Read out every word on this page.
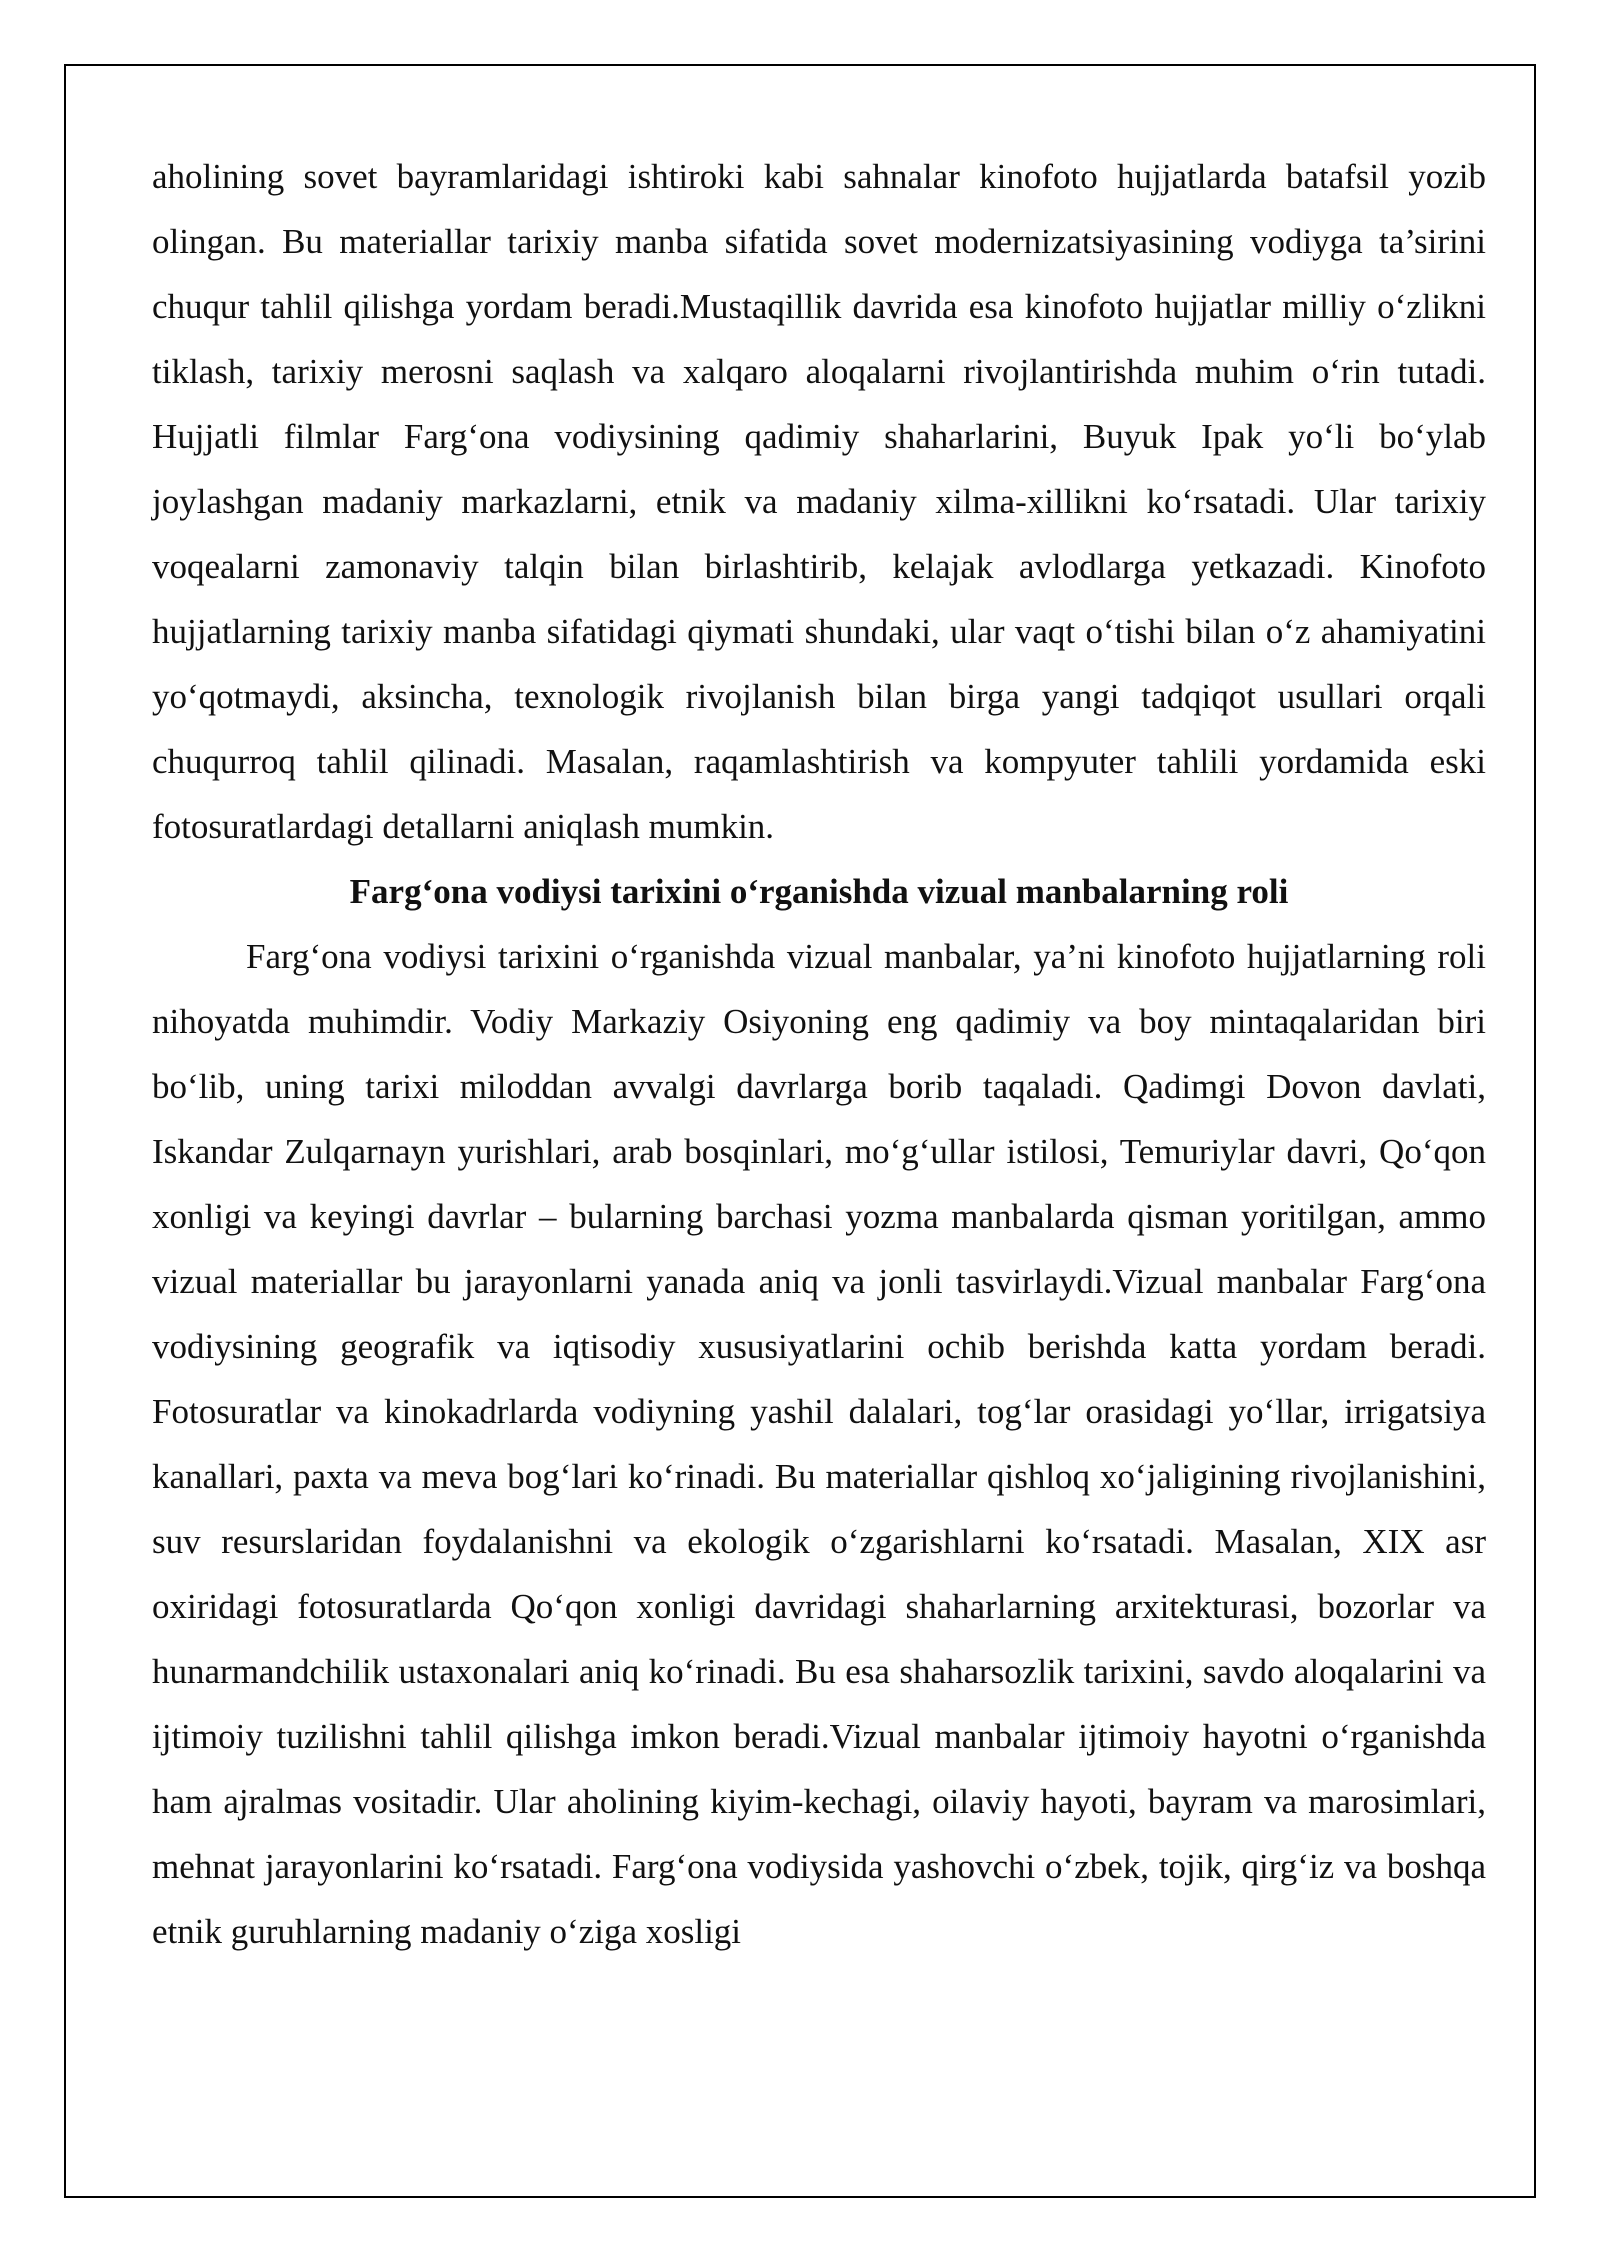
aholining sovet bayramlaridagi ishtiroki kabi sahnalar kinofoto hujjatlarda batafsil yozib olingan. Bu materiallar tarixiy manba sifatida sovet modernizatsiyasining vodiyga ta’sirini chuqur tahlil qilishga yordam beradi.Mustaqillik davrida esa kinofoto hujjatlar milliy o‘zlikni tiklash, tarixiy merosni saqlash va xalqaro aloqalarni rivojlantirishda muhim o‘rin tutadi. Hujjatli filmlar Farg‘ona vodiysining qadimiy shaharlarini, Buyuk Ipak yo‘li bo‘ylab joylashgan madaniy markazlarni, etnik va madaniy xilma-xillikni ko‘rsatadi. Ular tarixiy voqealarni zamonaviy talqin bilan birlashtirib, kelajak avlodlarga yetkazadi. Kinofoto hujjatlarning tarixiy manba sifatidagi qiymati shundaki, ular vaqt o‘tishi bilan o‘z ahamiyatini yo‘qotmaydi, aksincha, texnologik rivojlanish bilan birga yangi tadqiqot usullari orqali chuqurroq tahlil qilinadi. Masalan, raqamlashtirish va kompyuter tahlili yordamida eski fotosuratlardagi detallarni aniqlash mumkin.

Farg‘ona vodiysi tarixini o‘rganishda vizual manbalarning roli

Farg‘ona vodiysi tarixini o‘rganishda vizual manbalar, ya’ni kinofoto hujjatlarning roli nihoyatda muhimdir. Vodiy Markaziy Osiyoning eng qadimiy va boy mintaqalaridan biri bo‘lib, uning tarixi miloddan avvalgi davrlarga borib taqaladi. Qadimgi Dovon davlati, Iskandar Zulqarnayn yurishlari, arab bosqinlari, mo‘g‘ullar istilosi, Temuriylar davri, Qo‘qon xonligi va keyingi davrlar – bularning barchasi yozma manbalarda qisman yoritilgan, ammo vizual materiallar bu jarayonlarni yanada aniq va jonli tasvirlaydi.Vizual manbalar Farg‘ona vodiysining geografik va iqtisodiy xususiyatlarini ochib berishda katta yordam beradi. Fotosuratlar va kinokadrlarda vodiyning yashil dalalari, tog‘lar orasidagi yo‘llar, irrigatsiya kanallari, paxta va meva bog‘lari ko‘rinadi. Bu materiallar qishloq xo‘jaligining rivojlanishini, suv resurslaridan foydalanishni va ekologik o‘zgarishlarni ko‘rsatadi. Masalan, XIX asr oxiridagi fotosuratlarda Qo‘qon xonligi davridagi shaharlarning arxitekturasi, bozorlar va hunarmandchilik ustaxonalari aniq ko‘rinadi. Bu esa shaharsozlik tarixini, savdo aloqalarini va ijtimoiy tuzilishni tahlil qilishga imkon beradi.Vizual manbalar ijtimoiy hayotni o‘rganishda ham ajralmas vositadir. Ular aholining kiyim-kechagi, oilaviy hayoti, bayram va marosimlari, mehnat jarayonlarini ko‘rsatadi. Farg‘ona vodiysida yashovchi o‘zbek, tojik, qirg‘iz va boshqa etnik guruhlarning madaniy o‘ziga xosligi
